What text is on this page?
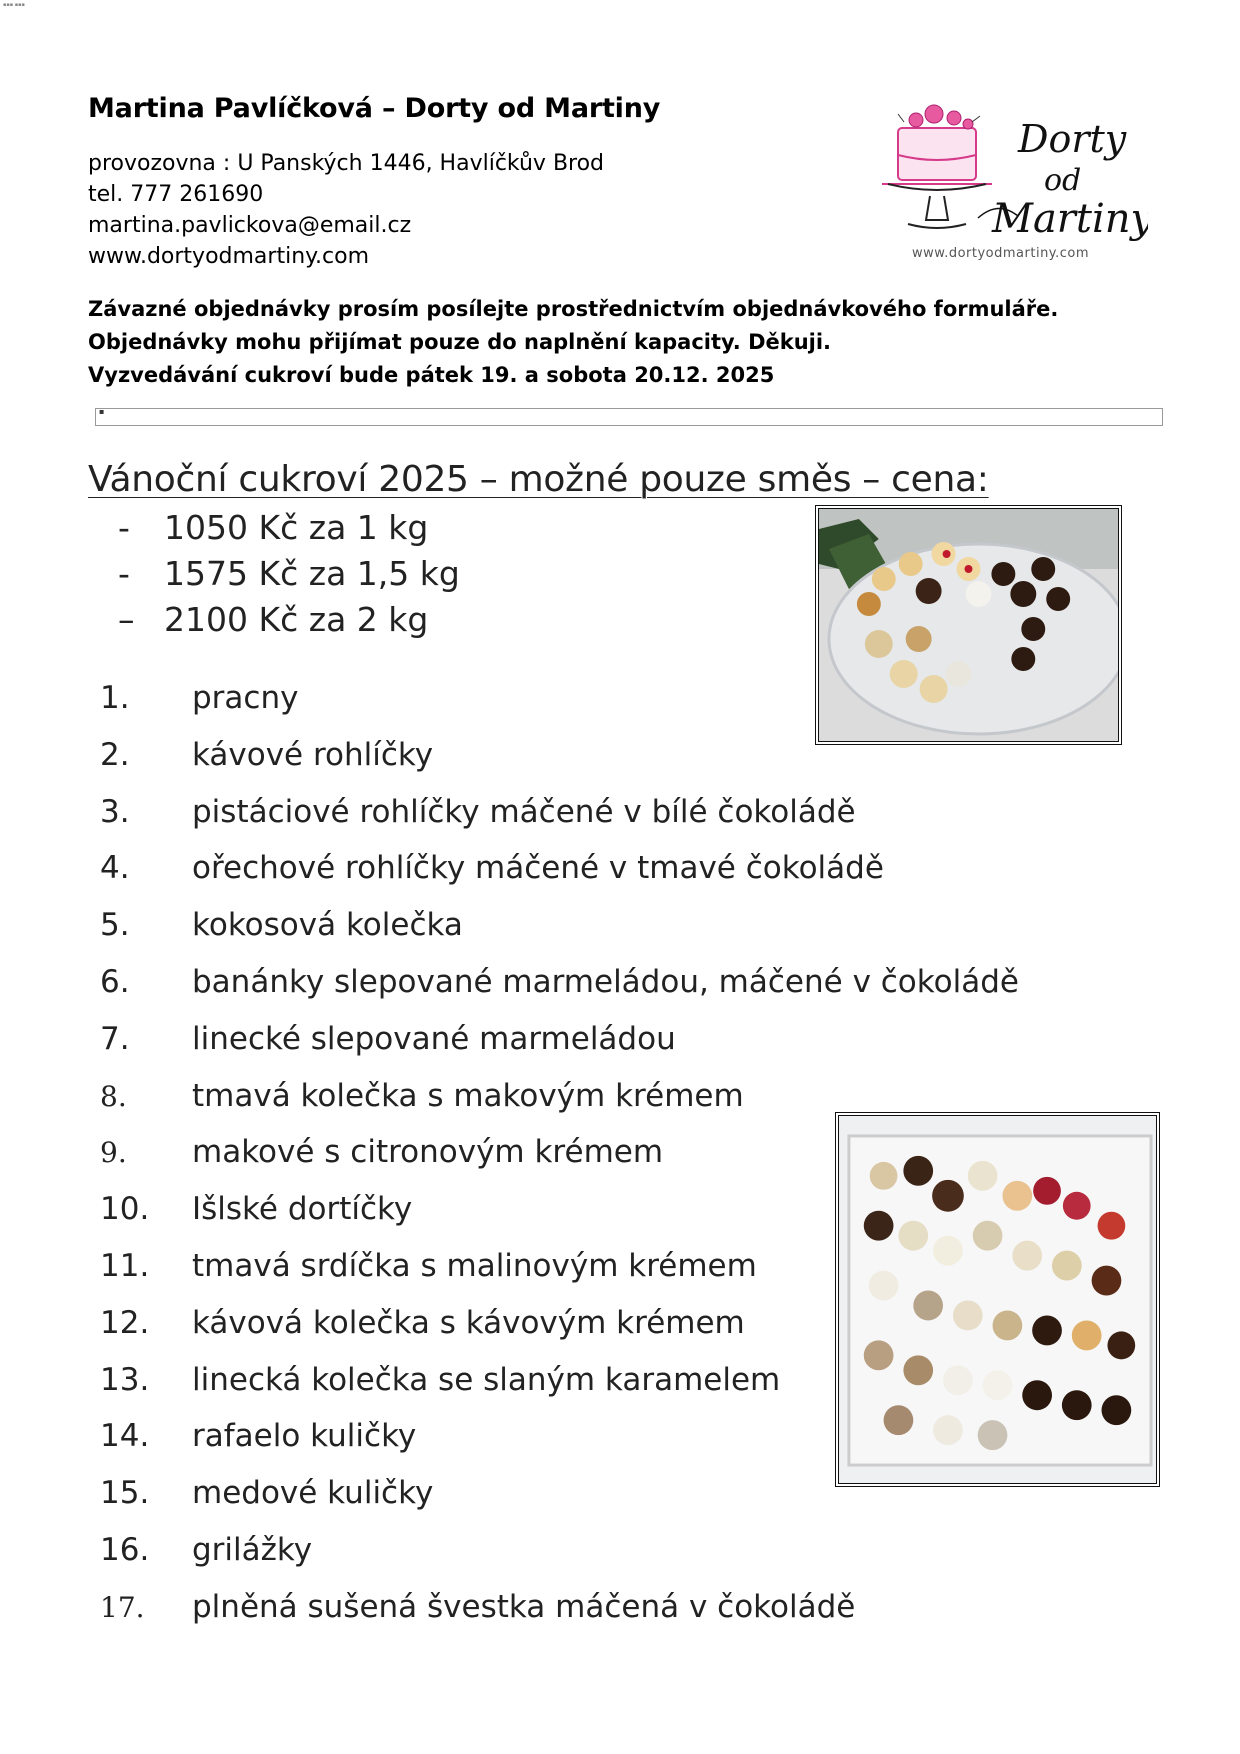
▪▪▪ ▪▪▪
Martina Pavlíčková – Dorty od Martiny
provozovna : U Panských 1446, Havlíčkův Brod
tel. 777 261690
martina.pavlickova@email.cz
www.dortyodmartiny.com
Dorty
od
Martiny
www.dortyodmartiny.com
Závazné objednávky prosím posílejte prostřednictvím objednávkového formuláře.
Objednávky mohu přijímat pouze do naplnění kapacity. Děkuji.
Vyzvedávání cukroví bude pátek 19. a sobota 20.12. 2025
▪
Vánoční cukroví 2025 – možné pouze směs – cena:
- 1050 Kč za 1 kg
- 1575 Kč za 1,5 kg
– 2100 Kč za 2 kg
1. pracny
2. kávové rohlíčky
3. pistáciové rohlíčky máčené v bílé čokoládě
4. ořechové rohlíčky máčené v tmavé čokoládě
5. kokosová kolečka
6. banánky slepované marmeládou, máčené v čokoládě
7. linecké slepované marmeládou
8. tmavá kolečka s makovým krémem
9. makové s citronovým krémem
10. Išlské dortíčky
11. tmavá srdíčka s malinovým krémem
12. kávová kolečka s kávovým krémem
13. linecká kolečka se slaným karamelem
14. rafaelo kuličky
15. medové kuličky
16. grilážky
17. plněná sušená švestka máčená v čokoládě
